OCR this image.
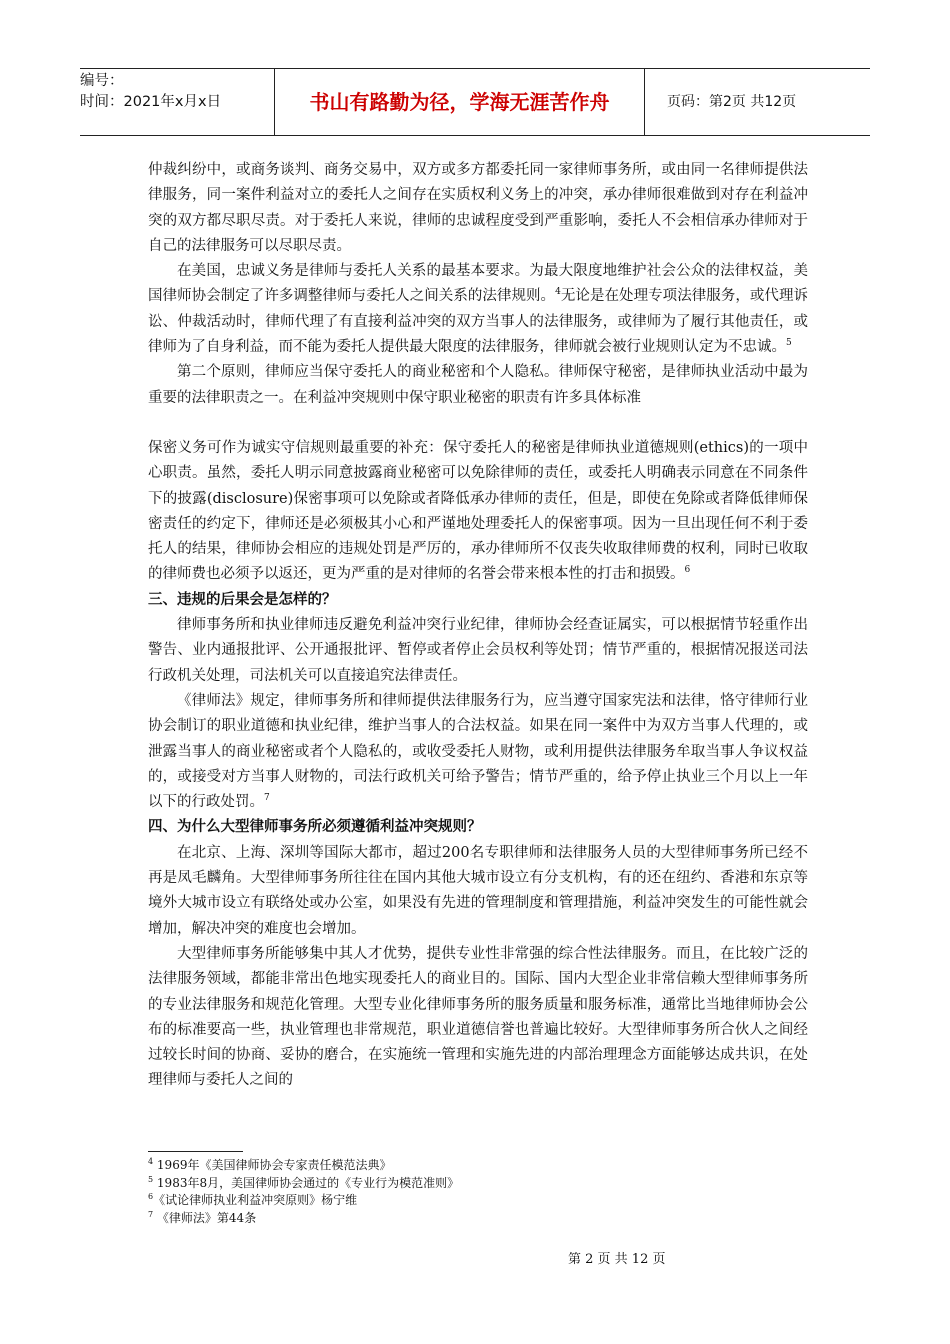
编号：
时间：2021年x月x日	书山有路勤为径，学海无涯苦作舟	页码：第2页 共12页

仲裁纠纷中，或商务谈判、商务交易中，双方或多方都委托同一家律师事务所，或由同一名律师提供法律服务，同一案件利益对立的委托人之间存在实质权利义务上的冲突，承办律师很难做到对存在利益冲突的双方都尽职尽责。对于委托人来说，律师的忠诚程度受到严重影响，委托人不会相信承办律师对于自己的法律服务可以尽职尽责。

在美国，忠诚义务是律师与委托人关系的最基本要求。为最大限度地维护社会公众的法律权益，美国律师协会制定了许多调整律师与委托人之间关系的法律规则。$^4$无论是在处理专项法律服务，或代理诉讼、仲裁活动时，律师代理了有直接利益冲突的双方当事人的法律服务，或律师为了履行其他责任，或律师为了自身利益，而不能为委托人提供最大限度的法律服务，律师就会被行业规则认定为不忠诚。$^5$

第二个原则，律师应当保守委托人的商业秘密和个人隐私。律师保守秘密，是律师执业活动中最为重要的法律职责之一。在利益冲突规则中保守职业秘密的职责有许多具体标准

保密义务可作为诚实守信规则最重要的补充：保守委托人的秘密是律师执业道德规则(ethics)的一项中心职责。虽然，委托人明示同意披露商业秘密可以免除律师的责任，或委托人明确表示同意在不同条件下的披露(disclosure)保密事项可以免除或者降低承办律师的责任，但是，即使在免除或者降低律师保密责任的约定下，律师还是必须极其小心和严谨地处理委托人的保密事项。因为一旦出现任何不利于委托人的结果，律师协会相应的违规处罚是严厉的，承办律师所不仅丧失收取律师费的权利，同时已收取的律师费也必须予以返还，更为严重的是对律师的名誉会带来根本性的打击和损毁。$^6$

三、违规的后果会是怎样的？

律师事务所和执业律师违反避免利益冲突行业纪律，律师协会经查证属实，可以根据情节轻重作出警告、业内通报批评、公开通报批评、暂停或者停止会员权利等处罚；情节严重的，根据情况报送司法行政机关处理，司法机关可以直接追究法律责任。

《律师法》规定，律师事务所和律师提供法律服务行为，应当遵守国家宪法和法律，恪守律师行业协会制订的职业道德和执业纪律，维护当事人的合法权益。如果在同一案件中为双方当事人代理的，或泄露当事人的商业秘密或者个人隐私的，或收受委托人财物，或利用提供法律服务牟取当事人争议权益的，或接受对方当事人财物的，司法行政机关可给予警告；情节严重的，给予停止执业三个月以上一年以下的行政处罚。$^7$

四、为什么大型律师事务所必须遵循利益冲突规则？

在北京、上海、深圳等国际大都市，超过200名专职律师和法律服务人员的大型律师事务所已经不再是凤毛麟角。大型律师事务所往往在国内其他大城市设立有分支机构，有的还在纽约、香港和东京等境外大城市设立有联络处或办公室，如果没有先进的管理制度和管理措施，利益冲突发生的可能性就会增加，解决冲突的难度也会增加。

大型律师事务所能够集中其人才优势，提供专业性非常强的综合性法律服务。而且，在比较广泛的法律服务领域，都能非常出色地实现委托人的商业目的。国际、国内大型企业非常信赖大型律师事务所的专业法律服务和规范化管理。大型专业化律师事务所的服务质量和服务标准，通常比当地律师协会公布的标准要高一些，执业管理也非常规范，职业道德信誉也普遍比较好。大型律师事务所合伙人之间经过较长时间的协商、妥协的磨合，在实施统一管理和实施先进的内部治理理念方面能够达成共识，在处理律师与委托人之间的

$^4$ 1969年《美国律师协会专家责任模范法典》
$^5$ 1983年8月，美国律师协会通过的《专业行为模范准则》
$^6$《试论律师执业利益冲突原则》杨宁维
$^7$ 《律师法》第44条
第 2 页 共 12 页
